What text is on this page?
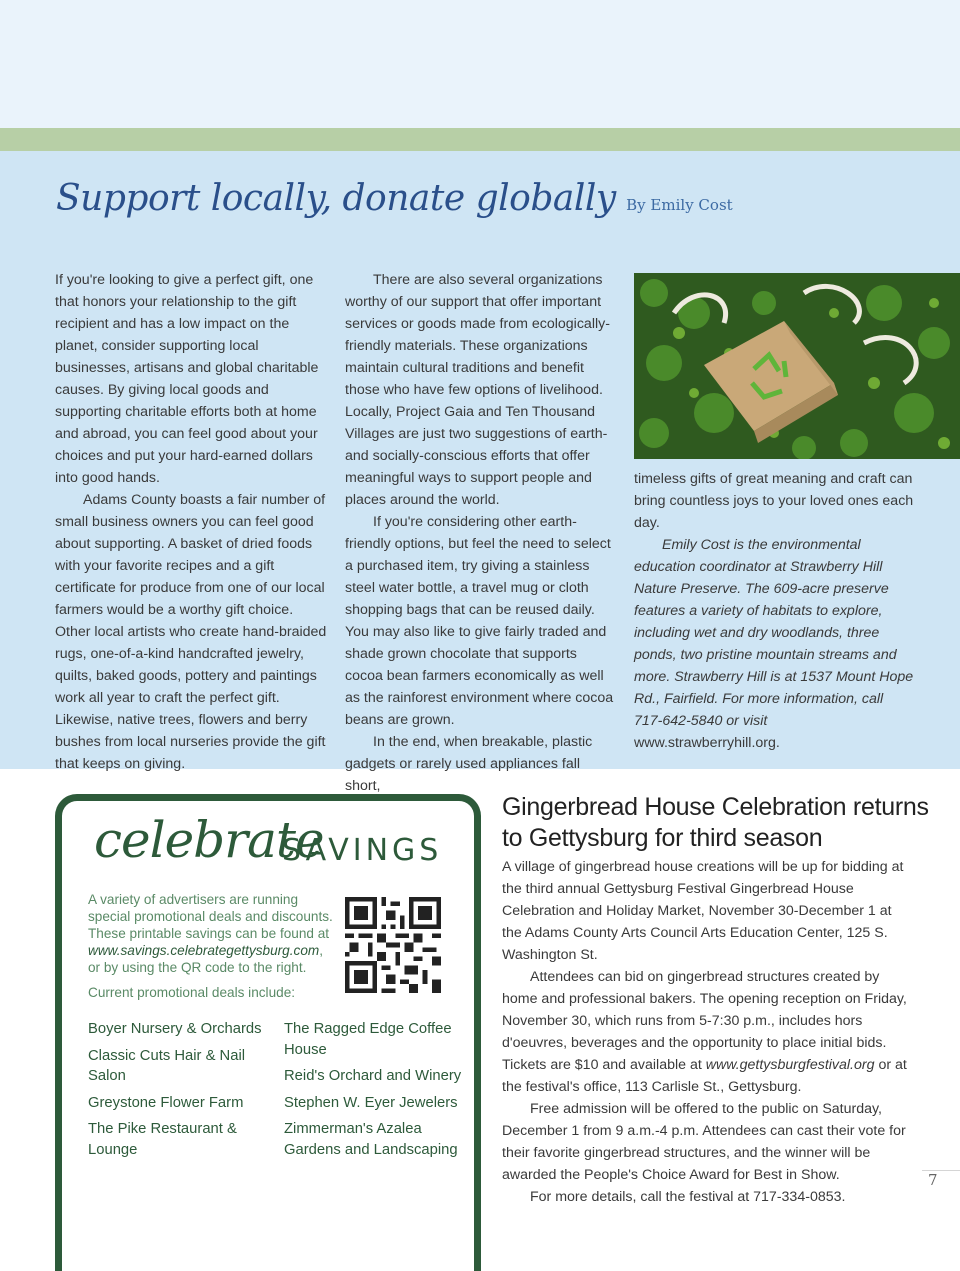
Support locally, donate globally By Emily Cost

If you're looking to give a perfect gift, one that honors your relationship to the gift recipient and has a low impact on the planet, consider supporting local businesses, artisans and global charitable causes. By giving local goods and supporting charitable efforts both at home and abroad, you can feel good about your choices and put your hard-earned dollars into good hands.

Adams County boasts a fair number of small business owners you can feel good about supporting. A basket of dried foods with your favorite recipes and a gift certificate for produce from one of our local farmers would be a worthy gift choice. Other local artists who create hand-braided rugs, one-of-a-kind handcrafted jewelry, quilts, baked goods, pottery and paintings work all year to craft the perfect gift. Likewise, native trees, flowers and berry bushes from local nurseries provide the gift that keeps on giving.

There are also several organizations worthy of our support that offer important services or goods made from ecologically-friendly materials. These organizations maintain cultural traditions and benefit those who have few options of livelihood. Locally, Project Gaia and Ten Thousand Villages are just two suggestions of earth- and socially-conscious efforts that offer meaningful ways to support people and places around the world.

If you're considering other earth-friendly options, but feel the need to select a purchased item, try giving a stainless steel water bottle, a travel mug or cloth shopping bags that can be reused daily. You may also like to give fairly traded and shade grown chocolate that supports cocoa bean farmers economically as well as the rainforest environment where cocoa beans are grown.

In the end, when breakable, plastic gadgets or rarely used appliances fall short,

timeless gifts of great meaning and craft can bring countless joys to your loved ones each day.

Emily Cost is the environmental education coordinator at Strawberry Hill Nature Preserve. The 609-acre preserve features a variety of habitats to explore, including wet and dry woodlands, three ponds, two pristine mountain streams and more. Strawberry Hill is at 1537 Mount Hope Rd., Fairfield. For more information, call 717-642-5840 or visit

www.strawberryhill.org.

celebrate
SAVINGS
A variety of advertisers are running special promotional deals and discounts. These printable savings can be found at www.savings.celebrategettysburg.com, or by using the QR code to the right.
Current promotional deals include:
Boyer Nursery & Orchards
Classic Cuts Hair & Nail Salon
Greystone Flower Farm
The Pike Restaurant & Lounge
The Ragged Edge Coffee House
Reid's Orchard and Winery
Stephen W. Eyer Jewelers
Zimmerman's Azalea Gardens and Landscaping
Gingerbread House Celebration returns to Gettysburg for third season

A village of gingerbread house creations will be up for bidding at the third annual Gettysburg Festival Gingerbread House Celebration and Holiday Market, November 30-December 1 at the Adams County Arts Council Arts Education Center, 125 S. Washington St.

Attendees can bid on gingerbread structures created by home and professional bakers. The opening reception on Friday, November 30, which runs from 5-7:30 p.m., includes hors d'oeuvres, beverages and the opportunity to place initial bids. Tickets are $10 and available at www.gettysburgfestival.org or at the festival's office, 113 Carlisle St., Gettysburg.

Free admission will be offered to the public on Saturday, December 1 from 9 a.m.-4 p.m. Attendees can cast their vote for their favorite gingerbread structures, and the winner will be awarded the People's Choice Award for Best in Show.

For more details, call the festival at 717-334-0853.

7
